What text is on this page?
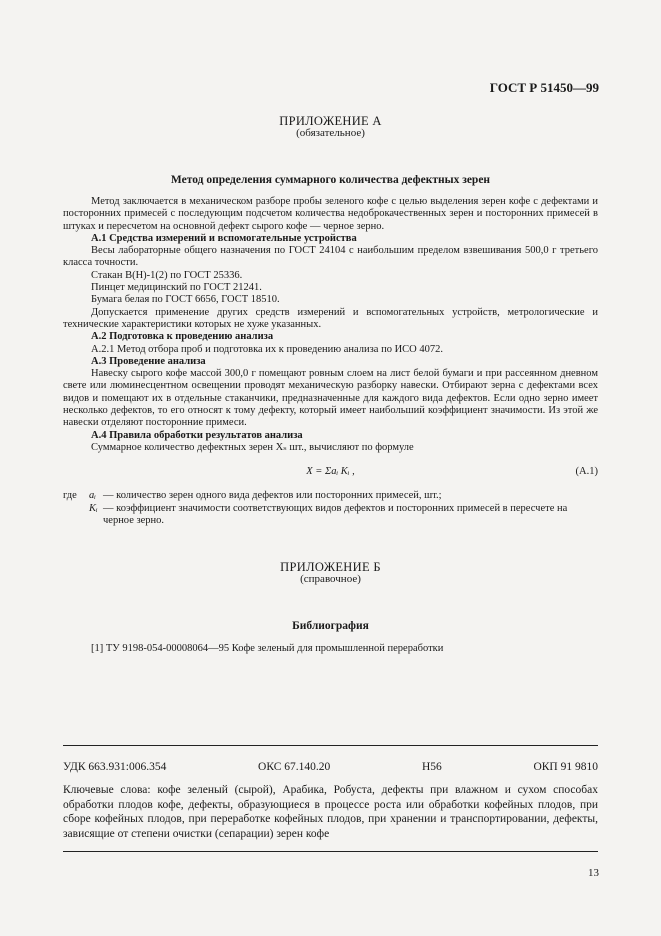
ГОСТ Р 51450—99
ПРИЛОЖЕНИЕ А
(обязательное)
Метод определения суммарного количества дефектных зерен

Метод заключается в механическом разборе пробы зеленого кофе с целью выделения зерен кофе с дефектами и посторонних примесей с последующим подсчетом количества недоброкачественных зерен и посторонних примесей в штуках и пересчетом на основной дефект сырого кофе — черное зерно.

А.1 Средства измерений и вспомогательные устройства

Весы лабораторные общего назначения по ГОСТ 24104 с наибольшим пределом взвешивания 500,0 г третьего класса точности.

Стакан В(Н)-1(2) по ГОСТ 25336.

Пинцет медицинский по ГОСТ 21241.

Бумага белая по ГОСТ 6656, ГОСТ 18510.

Допускается применение других средств измерений и вспомогательных устройств, метрологические и технические характеристики которых не хуже указанных.

А.2 Подготовка к проведению анализа

А.2.1 Метод отбора проб и подготовка их к проведению анализа по ИСО 4072.

А.3 Проведение анализа

Навеску сырого кофе массой 300,0 г помещают ровным слоем на лист белой бумаги и при рассеянном дневном свете или люминесцентном освещении проводят механическую разборку навески. Отбирают зерна с дефектами всех видов и помещают их в отдельные стаканчики, предназначенные для каждого вида дефектов. Если одно зерно имеет несколько дефектов, то его относят к тому дефекту, который имеет наибольший коэффициент значимости. Из этой же навески отделяют посторонние примеси.

А.4 Правила обработки результатов анализа

Суммарное количество дефектных зерен Xₛ шт., вычисляют по формуле

X = Σaᵢ Kᵢ ,	(А.1)
где	aᵢ — количество зерен одного вида дефектов или посторонних примесей, шт.;
Kᵢ — коэффициент значимости соответствующих видов дефектов и посторонних примесей в пересчете на черное зерно.
ПРИЛОЖЕНИЕ Б
(справочное)
Библиография
[1] ТУ 9198-054-00008064—95 Кофе зеленый для промышленной переработки
УДК 663.931:006.354	ОКС 67.140.20	Н56	ОКП 91 9810
Ключевые слова: кофе зеленый (сырой), Арабика, Робуста, дефекты при влажном и сухом способах обработки плодов кофе, дефекты, образующиеся в процессе роста или обработки кофейных плодов, при сборе кофейных плодов, при переработке кофейных плодов, при хранении и транспортировании, дефекты, зависящие от степени очистки (сепарации) зерен кофе
13
